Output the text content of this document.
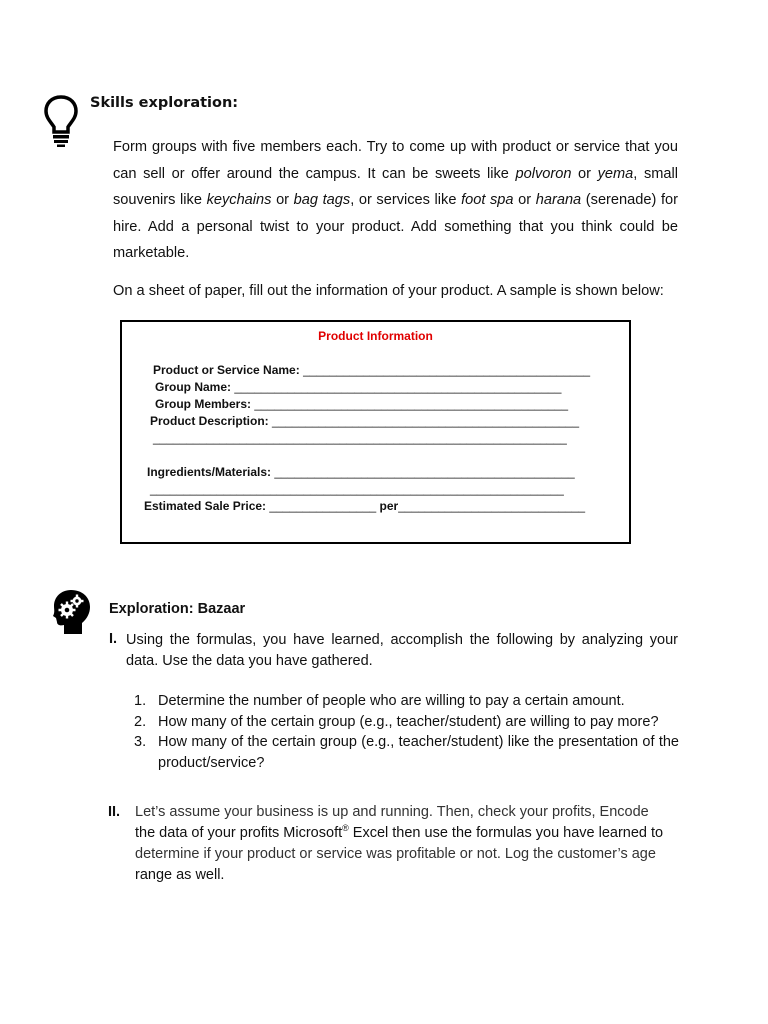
Skills exploration:

Form groups with five members each. Try to come up with product or service that you can sell or offer around the campus. It can be sweets like polvoron or yema, small souvenirs like keychains or bag tags, or services like foot spa or harana (serenade) for hire. Add a personal twist to your product. Add something that you think could be marketable.

On a sheet of paper, fill out the information of your product. A sample is shown below:

Product Information
Product or Service Name: ___________________________________________
Group Name: _________________________________________________
Group Members: _______________________________________________
Product Description: ______________________________________________
______________________________________________________________
Ingredients/Materials: _____________________________________________
______________________________________________________________
Estimated Sale Price: ________________ per____________________________
Exploration: Bazaar
I. Using the formulas, you have learned, accomplish the following by analyzing your data. Use the data you have gathered.
1. Determine the number of people who are willing to pay a certain amount.
2. How many of the certain group (e.g., teacher/student) are willing to pay more?
3. How many of the certain group (e.g., teacher/student) like the presentation of the product/service?
II. Let’s assume your business is up and running. Then, check your profits, Encode
the data of your profits Microsoft® Excel then use the formulas you have learned to
determine if your product or service was profitable or not. Log the customer’s age
range as well.
